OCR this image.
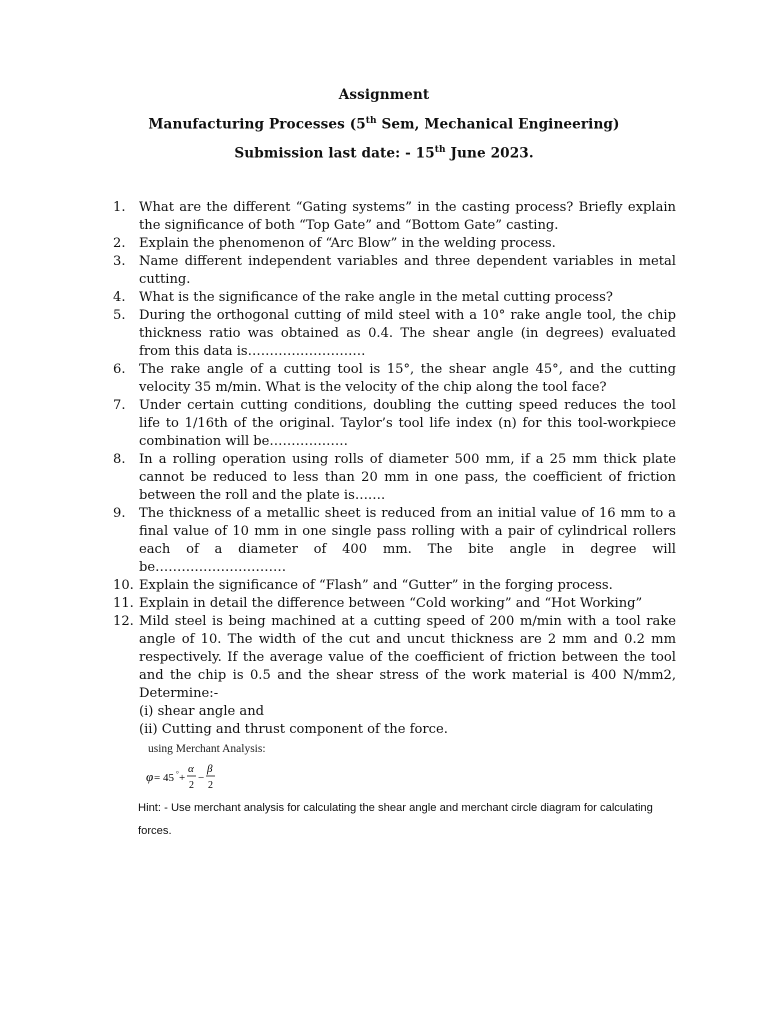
Assignment
Manufacturing Processes (5th Sem, Mechanical Engineering)
Submission last date: - 15th June 2023.
1.	What are the different “Gating systems” in the casting process? Briefly explain the significance of both “Top Gate” and “Bottom Gate” casting.
2.	Explain the phenomenon of “Arc Blow” in the welding process.
3.	Name different independent variables and three dependent variables in metal cutting.
4.	What is the significance of the rake angle in the metal cutting process?
5.	During the orthogonal cutting of mild steel with a 10° rake angle tool, the chip thickness ratio was obtained as 0.4. The shear angle (in degrees) evaluated from this data is………………………
6.	The rake angle of a cutting tool is 15°, the shear angle 45°, and the cutting velocity 35 m/min. What is the velocity of the chip along the tool face?
7.	Under certain cutting conditions, doubling the cutting speed reduces the tool life to 1/16th of the original. Taylor’s tool life index (n) for this tool-workpiece combination will be………………
8.	In a rolling operation using rolls of diameter 500 mm, if a 25 mm thick plate cannot be reduced to less than 20 mm in one pass, the coefficient of friction between the roll and the plate is…….
9.	The thickness of a metallic sheet is reduced from an initial value of 16 mm to a final value of 10 mm in one single pass rolling with a pair of cylindrical rollers each of a diameter of 400 mm. The bite angle in degree will be…………………………
10. Explain the significance of “Flash” and “Gutter” in the forging process.
11. Explain in detail the difference between “Cold working” and “Hot Working”
12. Mild steel is being machined at a cutting speed of 200 m/min with a tool rake angle of 10. The width of the cut and uncut thickness are 2 mm and 0.2 mm respectively. If the average value of the coefficient of friction between the tool and the chip is 0.5 and the shear stress of the work material is 400 N/mm2, Determine:-
(i) shear angle and
(ii) Cutting and thrust component of the force.
using Merchant Analysis:
φ = 45 ° +
α
2
−
β
2
Hint: - Use merchant analysis for calculating the shear angle and merchant circle diagram for calculating forces.
